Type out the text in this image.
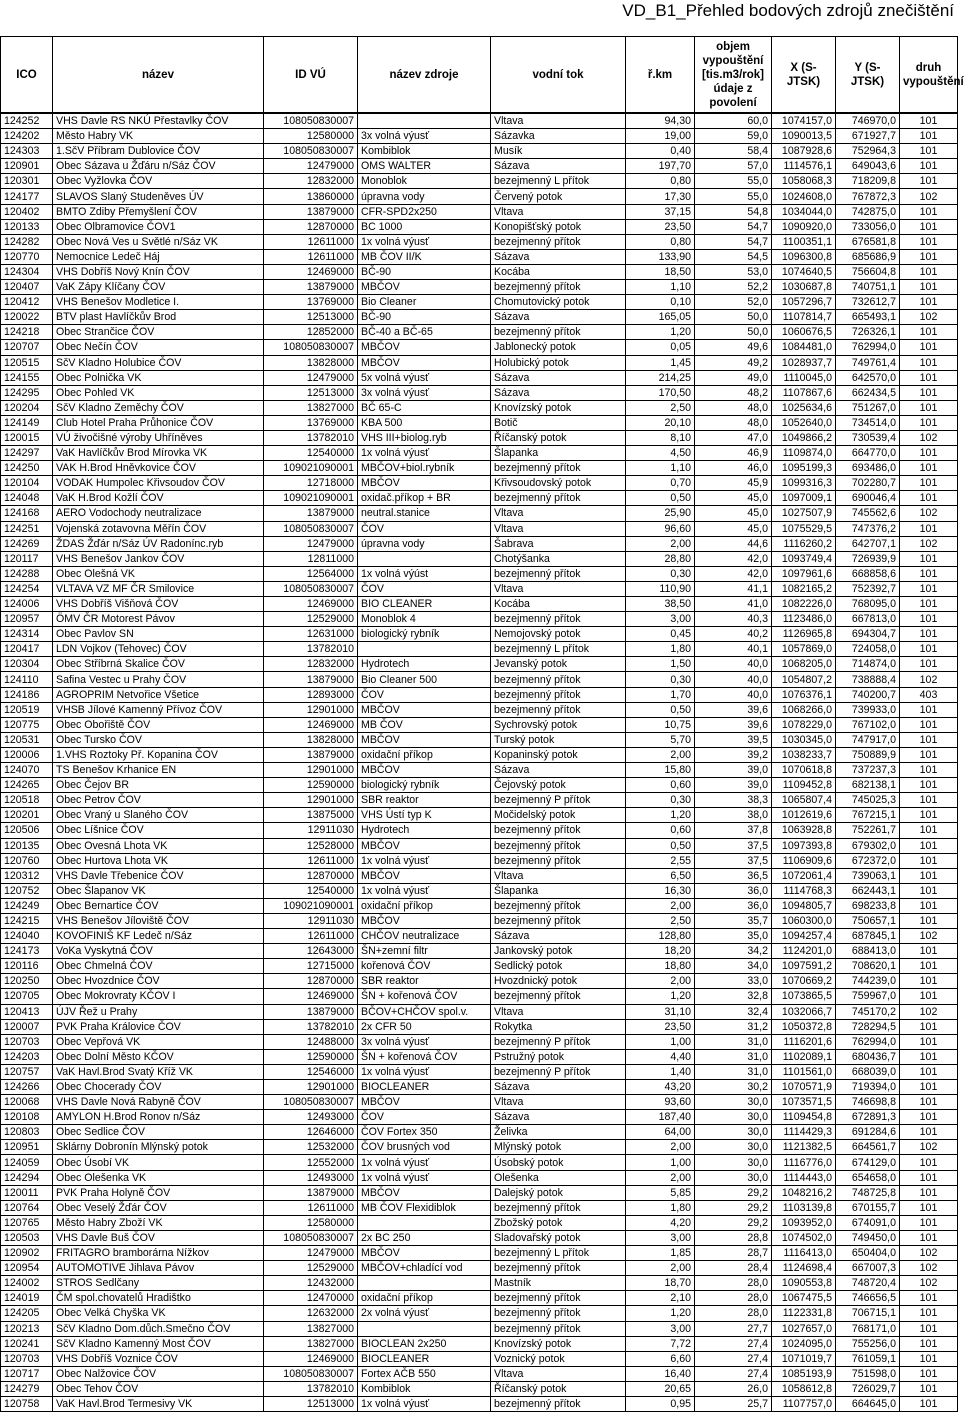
VD_B1_Přehled bodových zdrojů znečištění
ICO	název	ID VÚ	název zdroje	vodní tok	ř.km	objem vypouštění [tis.m3/rok] údaje z povolení	X (S-JTSK)	Y (S-JTSK)	druh vypouštění
124252	VHS Davle RS NKÚ Přestavlky ČOV	108050830007		Vltava	94,30	60,0	1074157,0	746970,0	101
124202	Město Habry VK	12580000	3x volná výusť	Sázavka	19,00	59,0	1090013,5	671927,7	101
124303	1.SčV Příbram Dublovice ČOV	108050830007	Kombiblok	Musík	0,40	58,4	1087928,6	752964,3	101
120901	Obec Sázava u Žďáru n/Sáz ČOV	12479000	OMS WALTER	Sázava	197,70	57,0	1114576,1	649043,6	101
120301	Obec Vyžlovka ČOV	12832000	Monoblok	bezejmenný L přítok	0,80	55,0	1058068,3	718209,8	101
124177	SLAVOS Slaný Studeněves ÚV	13860000	úpravna vody	Červený potok	17,30	55,0	1024608,0	767872,3	102
120402	BMTO Zdiby Přemyšlení ČOV	13879000	CFR-SPD2x250	Vltava	37,15	54,8	1034044,0	742875,0	101
120133	Obec Olbramovice ČOV1	12870000	BC 1000	Konopišťský potok	23,50	54,7	1090920,0	733056,0	101
124282	Obec Nová Ves u Světlé n/Sáz VK	12611000	1x volná výusť	bezejmenný přítok	0,80	54,7	1100351,1	676581,8	101
120770	Nemocnice Ledeč Háj	12611000	MB ČOV II/K	Sázava	133,90	54,5	1096300,8	685686,9	101
124304	VHS Dobříš Nový Knín ČOV	12469000	BČ-90	Kocába	18,50	53,0	1074640,5	756604,8	101
120407	VaK Zápy Klíčany ČOV	13879000	MBČOV	bezejmenný přítok	1,10	52,2	1030687,8	740751,1	101
120412	VHS Benešov Modletice I.	13769000	Bio Cleaner	Chomutovický potok	0,10	52,0	1057296,7	732612,7	101
120022	BTV plast Havlíčkův Brod	12513000	BČ-90	Sázava	165,05	50,0	1107814,7	665493,1	102
124218	Obec Strančice ČOV	12852000	BČ-40 a BČ-65	bezejmenný přítok	1,20	50,0	1060676,5	726326,1	101
120707	Obec Nečín ČOV	108050830007	MBČOV	Jablonecký potok	0,05	49,6	1084481,0	762994,0	101
120515	SčV Kladno Holubice ČOV	13828000	MBČOV	Holubický potok	1,45	49,2	1028937,7	749761,4	101
124155	Obec Polnička VK	12479000	5x volná výusť	Sázava	214,25	49,0	1110045,0	642570,0	101
124295	Obec Pohled VK	12513000	3x volná výusť	Sázava	170,50	48,2	1107867,6	662434,5	101
120204	SčV Kladno Zeměchy ČOV	13827000	BČ 65-C	Knovízský potok	2,50	48,0	1025634,6	751267,0	101
124149	Club Hotel Praha Průhonice ČOV	13769000	KBA 500	Botič	20,10	48,0	1052640,0	734514,0	101
120015	VÚ živočišné výroby Uhříněves	13782010	VHS III+biolog.ryb	Říčanský potok	8,10	47,0	1049866,2	730539,4	102
124297	VaK Havlíčkův Brod Mírovka VK	12540000	1x volná výusť	Šlapanka	4,50	46,9	1109874,0	664770,0	101
124250	VAK H.Brod Hněvkovice ČOV	109021090001	MBČOV+biol.rybník	bezejmenný přítok	1,10	46,0	1095199,3	693486,0	101
120104	VODAK Humpolec Křivsoudov ČOV	12718000	MBČOV	Křivsoudovský potok	0,70	45,9	1099316,3	702280,7	101
124048	VaK H.Brod Kožlí ČOV	109021090001	oxidač.příkop + BR	bezejmenný přítok	0,50	45,0	1097009,1	690046,4	101
124168	AERO Vodochody neutralizace	13879000	neutral.stanice	Vltava	25,90	45,0	1027507,9	745562,6	102
124251	Vojenská zotavovna Měřín ČOV	108050830007	ČOV	Vltava	96,60	45,0	1075529,5	747376,2	101
124269	ŽDAS Žďár n/Sáz ÚV Radonínc.ryb	12479000	úpravna vody	Šabrava	2,00	44,6	1116260,2	642707,1	102
120117	VHS Benešov Jankov ČOV	12811000		Chotýšanka	28,80	42,0	1093749,4	726939,9	101
124288	Obec Olešná VK	12564000	1x volná výúst	bezejmenný přítok	0,30	42,0	1097961,6	668858,6	101
124254	VLTAVA VZ MF ČR Smilovice	108050830007	ČOV	Vltava	110,90	41,1	1082165,2	752392,7	101
124006	VHS Dobříš Višňová ČOV	12469000	BIO CLEANER	Kocába	38,50	41,0	1082226,0	768095,0	101
120957	ÖMV ČR Motorest Pávov	12529000	Monoblok 4	bezejmenný přítok	3,00	40,3	1123486,0	667813,0	101
124314	Obec Pavlov SN	12631000	biologický rybník	Nemojovský potok	0,45	40,2	1126965,8	694304,7	101
120417	LDN Vojkov (Tehovec) ČOV	13782010		bezejmenný L přítok	1,80	40,1	1057869,0	724058,0	101
120304	Obec Stříbrná Skalice ČOV	12832000	Hydrotech	Jevanský potok	1,50	40,0	1068205,0	714874,0	101
124110	Safina Vestec u Prahy ČOV	13879000	Bio Cleaner 500	bezejmenný přítok	0,30	40,0	1054807,2	738888,4	102
124186	AGROPRIM Netvořice Všetice	12893000	ČOV	bezejmenný přítok	1,70	40,0	1076376,1	740200,7	403
120519	VHSB Jílové Kamenný Přívoz ČOV	12901000	MBČOV	bezejmenný přítok	0,50	39,6	1068266,0	739933,0	101
120775	Obec Obořiště ČOV	12469000	MB ČOV	Sychrovský potok	10,75	39,6	1078229,0	767102,0	101
120531	Obec Tursko ČOV	13828000	MBČOV	Turský potok	5,70	39,5	1030345,0	747917,0	101
120006	1.VHS Roztoky Př. Kopanina ČOV	13879000	oxidační příkop	Kopaninský potok	2,00	39,2	1038233,7	750889,9	101
124070	TS Benešov Krhanice EN	12901000	MBČOV	Sázava	15,80	39,0	1070618,8	737237,3	101
124265	Obec Čejov BR	12590000	biologický rybník	Čejovský potok	0,60	39,0	1109452,8	682138,1	101
120518	Obec Petrov ČOV	12901000	SBR reaktor	bezejmenný P přítok	0,30	38,3	1065807,4	745025,3	101
120201	Obec Vraný u Slaného ČOV	13875000	VHS Ústí typ K	Močidelský potok	1,20	38,0	1012619,6	767215,1	101
120506	Obec Líšnice ČOV	12911030	Hydrotech	bezejmenný přítok	0,60	37,8	1063928,8	752261,7	101
120135	Obec Ovesná Lhota VK	12528000	MBČOV	bezejmenný přítok	0,50	37,5	1097393,8	679302,0	101
120760	Obec Hurtova Lhota VK	12611000	1x volná výusť	bezejmenný přítok	2,55	37,5	1106909,6	672372,0	101
120312	VHS Davle Třebenice ČOV	12870000	MBČOV	Vltava	6,50	36,5	1072061,4	739063,1	101
120752	Obec Šlapanov VK	12540000	1x volná výusť	Šlapanka	16,30	36,0	1114768,3	662443,1	101
124249	Obec Bernartice ČOV	109021090001	oxidační příkop	bezejmenný přítok	2,00	36,0	1094805,7	698233,8	101
124215	VHS Benešov Jíloviště ČOV	12911030	MBČOV	bezejmenný přítok	2,50	35,7	1060300,0	750657,1	101
124040	KOVOFINIŠ KF Ledeč n/Sáz	12611000	CHČOV neutralizace	Sázava	128,80	35,0	1094257,4	687845,1	102
124173	VoKa Vyskytná ČOV	12643000	ŠN+zemní filtr	Jankovský potok	18,20	34,2	1124201,0	688413,0	101
120116	Obec Chmelná ČOV	12715000	kořenová ČOV	Sedlický potok	18,80	34,0	1097591,2	708620,1	101
120250	Obec Hvozdnice ČOV	12870000	SBR reaktor	Hvozdnický potok	2,00	33,0	1070669,2	744239,0	101
120705	Obec Mokrovraty KČOV I	12469000	ŠN + kořenová ČOV	bezejmenný přítok	1,20	32,8	1073865,5	759967,0	101
120413	ÚJV Řež u Prahy	13879000	BČOV+CHČOV spol.v.	Vltava	31,10	32,4	1032066,7	745170,2	102
120007	PVK Praha Královice ČOV	13782010	2x CFR 50	Rokytka	23,50	31,2	1050372,8	728294,5	101
120703	Obec Vepřová VK	12488000	3x volná výusť	bezejmenný P přítok	1,00	31,0	1116201,6	762994,0	101
124203	Obec Dolní Město KČOV	12590000	ŠN + kořenová ČOV	Pstružný potok	4,40	31,0	1102089,1	680436,7	101
120757	VaK Havl.Brod Svatý Kříž VK	12546000	1x volná výusť	bezejmenný P přítok	1,40	31,0	1101561,0	668039,0	101
124266	Obec Chocerady ČOV	12901000	BIOCLEANER	Sázava	43,20	30,2	1070571,9	719394,0	101
120068	VHS Davle Nová Rabyně ČOV	108050830007	MBČOV	Vltava	93,60	30,0	1073571,5	746698,8	101
120108	AMYLON H.Brod Ronov n/Sáz	12493000	ČOV	Sázava	187,40	30,0	1109454,8	672891,3	101
120803	Obec Sedlice ČOV	12646000	ČOV Fortex 350	Želivka	64,00	30,0	1114429,3	691284,6	101
120951	Sklárny Dobronín Mlýnský potok	12532000	ČOV brusných vod	Mlýnský potok	2,00	30,0	1121382,5	664561,7	102
124059	Obec Úsobí VK	12552000	1x volná výusť	Úsobský potok	1,00	30,0	1116776,0	674129,0	101
124294	Obec Olešenka VK	12493000	1x volná výusť	Olešenka	2,00	30,0	1114443,0	654658,0	101
120011	PVK Praha Holyně ČOV	13879000	MBČOV	Dalejský potok	5,85	29,2	1048216,2	748725,8	101
120764	Obec Veselý Žďár ČOV	12611000	MB ČOV Flexidiblok	bezejmenný přítok	1,80	29,2	1103139,8	670155,7	101
120765	Město Habry Zboží VK	12580000		Zbožský potok	4,20	29,2	1093952,0	674091,0	101
120503	VHS Davle Buš ČOV	108050830007	2x BC 250	Sladovařský potok	3,00	28,8	1074502,0	749450,0	101
120902	FRITAGRO bramborárna Nížkov	12479000	MBČOV	bezejmenný L přítok	1,85	28,7	1116413,0	650404,0	102
120954	AUTOMOTIVE Jihlava Pávov	12529000	MBČOV+chladící vod	bezejmenný přítok	2,00	28,4	1124698,4	667007,3	102
124002	STROS Sedlčany	12432000		Mastník	18,70	28,0	1090553,8	748720,4	102
124019	ČM spol.chovatelů Hradištko	12470000	oxidační příkop	bezejmenný přítok	2,10	28,0	1067475,5	746656,5	101
124205	Obec Velká Chyška VK	12632000	2x volná výusť	bezejmenný přítok	1,20	28,0	1122331,8	706715,1	101
120213	SčV Kladno Dom.důch.Smečno ČOV	13827000		bezejmenný přítok	3,00	27,7	1027657,0	768171,0	101
120241	SčV Kladno Kamenný Most ČOV	13827000	BIOCLEAN 2x250	Knovízský potok	7,72	27,4	1024095,0	755256,0	101
120703	VHS Dobříš Voznice ČOV	12469000	BIOCLEANER	Voznický potok	6,60	27,4	1071019,7	761059,1	101
120717	Obec Nalžovice ČOV	108050830007	Fortex AČB 550	Vltava	16,40	27,4	1085193,9	751598,0	101
124279	Obec Tehov ČOV	13782010	Kombiblok	Říčanský potok	20,65	26,0	1058612,8	726029,7	101
120758	VaK Havl.Brod Termesivy VK	12513000	1x volná výusť	bezejmenný přítok	0,95	25,7	1107757,0	664645,0	101
